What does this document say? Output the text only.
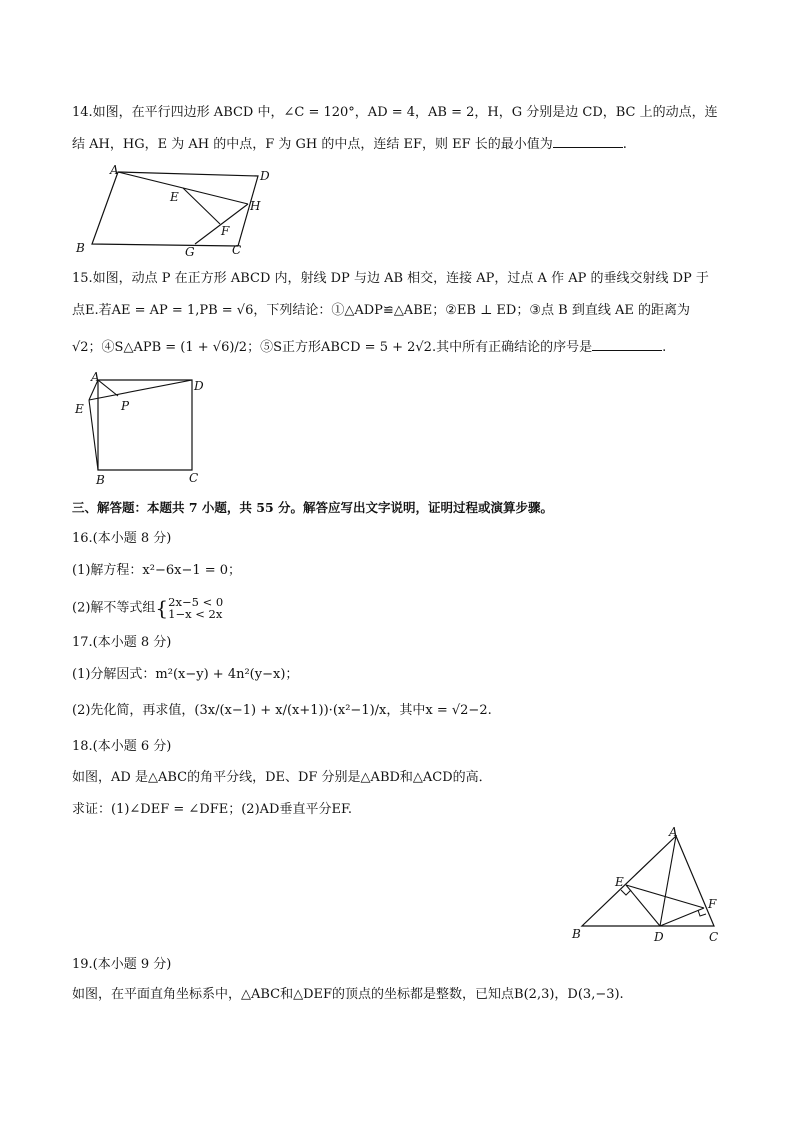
14.如图，在平行四边形 ABCD 中，∠C = 120°，AD = 4，AB = 2，H，G 分别是边 CD，BC 上的动点，连
结 AH，HG，E 为 AH 的中点，F 为 GH 的中点，连结 EF，则 EF 长的最小值为	.
A	D
E
H
F
B	G	C
15.如图，动点 P 在正方形 ABCD 内，射线 DP 与边 AB 相交，连接 AP，过点 A 作 AP 的垂线交射线 DP 于
点E.若AE = AP = 1,PB = √6，下列结论：①△ADP≌△ABE；②EB ⊥ ED；③点 B 到直线 AE 的距离为
√2；④S△APB = (1 + √6)/2；⑤S正方形ABCD = 5 + 2√2.其中所有正确结论的序号是	.
A
D
E	P
B	C
三、解答题：本题共 7 小题，共 55 分。解答应写出文字说明，证明过程或演算步骤。
16.(本小题 8 分)
(1)解方程：x²−6x−1 = 0；
(2)解不等式组{ 2x−5 < 0
1−x < 2x
17.(本小题 8 分)
(1)分解因式：m²(x−y) + 4n²(y−x)；
(2)先化简，再求值，(3x/(x−1) + x/(x+1))·(x²−1)/x，其中x = √2−2.
18.(本小题 6 分)
如图，AD 是△ABC的角平分线，DE、DF 分别是△ABD和△ACD的高．
求证：(1)∠DEF = ∠DFE；(2)AD垂直平分EF.
A
E
F
B	D	C
19.(本小题 9 分)
如图，在平面直角坐标系中，△ABC和△DEF的顶点的坐标都是整数，已知点B(2,3)，D(3,−3).
